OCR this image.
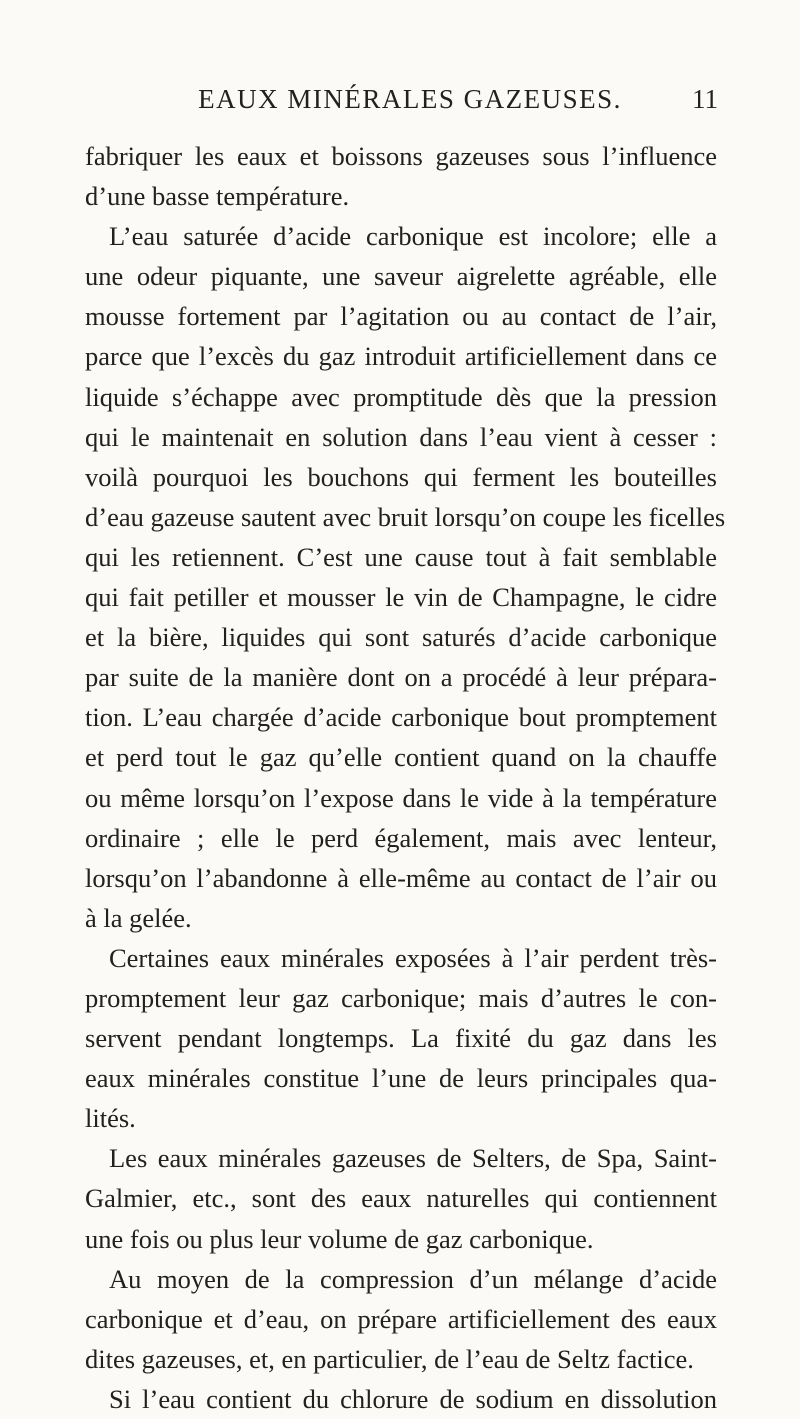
EAUX MINÉRALES GAZEUSES.	11
fabriquer les eaux et boissons gazeuses sous l’influence
d’une basse température.
L’eau saturée d’acide carbonique est incolore; elle a
une odeur piquante, une saveur aigrelette agréable, elle
mousse fortement par l’agitation ou au contact de l’air,
parce que l’excès du gaz introduit artificiellement dans ce
liquide s’échappe avec promptitude dès que la pression
qui le maintenait en solution dans l’eau vient à cesser :
voilà pourquoi les bouchons qui ferment les bouteilles
d’eau gazeuse sautent avec bruit lorsqu’on coupe les ficelles
qui les retiennent. C’est une cause tout à fait semblable
qui fait petiller et mousser le vin de Champagne, le cidre
et la bière, liquides qui sont saturés d’acide carbonique
par suite de la manière dont on a procédé à leur prépara-
tion. L’eau chargée d’acide carbonique bout promptement
et perd tout le gaz qu’elle contient quand on la chauffe
ou même lorsqu’on l’expose dans le vide à la température
ordinaire ; elle le perd également, mais avec lenteur,
lorsqu’on l’abandonne à elle-même au contact de l’air ou
à la gelée.
Certaines eaux minérales exposées à l’air perdent très-
promptement leur gaz carbonique; mais d’autres le con-
servent pendant longtemps. La fixité du gaz dans les
eaux minérales constitue l’une de leurs principales qua-
lités.
Les eaux minérales gazeuses de Selters, de Spa, Saint-
Galmier, etc., sont des eaux naturelles qui contiennent
une fois ou plus leur volume de gaz carbonique.
Au moyen de la compression d’un mélange d’acide
carbonique et d’eau, on prépare artificiellement des eaux
dites gazeuses, et, en particulier, de l’eau de Seltz factice.
Si l’eau contient du chlorure de sodium en dissolution
